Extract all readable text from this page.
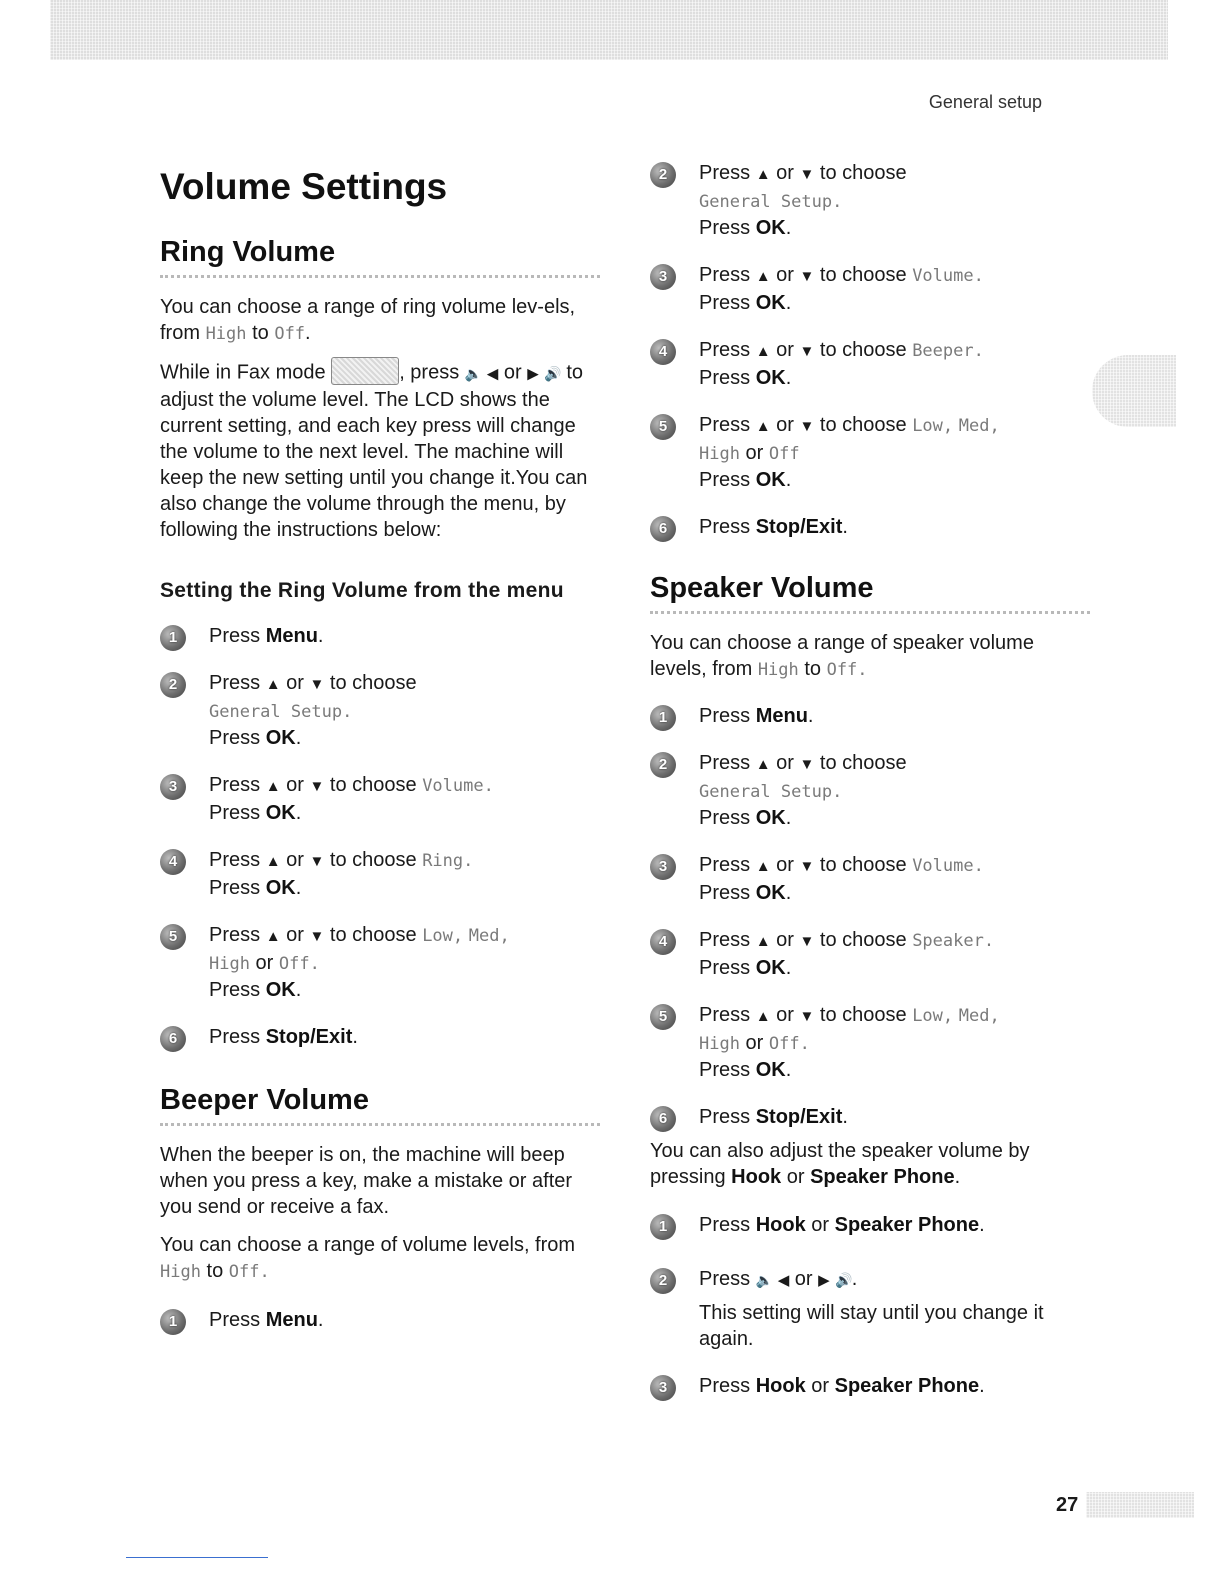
General setup
Volume Settings
Ring Volume

You can choose a range of ring volume lev-els, from High to Off.

While in Fax mode	, press 🔈 ◀ or ▶ 🔊 to adjust the volume level. The LCD shows the current setting, and each key press will change the volume to the next level. The machine will keep the new setting until you change it.You can also change the volume through the menu, by following the instructions below:

Setting the Ring Volume from the menu
1	Press Menu.
2	Press ▲ or ▼ to choose
General Setup.
Press OK.
3	Press ▲ or ▼ to choose Volume.
Press OK.
4	Press ▲ or ▼ to choose Ring.
Press OK.
5	Press ▲ or ▼ to choose Low, Med,
High or Off.
Press OK.
6	Press Stop/Exit.
Beeper Volume

When the beeper is on, the machine will beep when you press a key, make a mistake or after you send or receive a fax.

You can choose a range of volume levels, from High to Off.

1	Press Menu.
2	Press ▲ or ▼ to choose
General Setup.
Press OK.
3	Press ▲ or ▼ to choose Volume.
Press OK.
4	Press ▲ or ▼ to choose Beeper.
Press OK.
5	Press ▲ or ▼ to choose Low, Med,
High or Off
Press OK.
6	Press Stop/Exit.
Speaker Volume

You can choose a range of speaker volume levels, from High to Off.

1	Press Menu.
2	Press ▲ or ▼ to choose
General Setup.
Press OK.
3	Press ▲ or ▼ to choose Volume.
Press OK.
4	Press ▲ or ▼ to choose Speaker.
Press OK.
5	Press ▲ or ▼ to choose Low, Med,
High or Off.
Press OK.
6	Press Stop/Exit.

You can also adjust the speaker volume by pressing Hook or Speaker Phone.

1	Press Hook or Speaker Phone.
2	Press 🔈 ◀ or ▶ 🔊.
This setting will stay until you change it again.
3	Press Hook or Speaker Phone.
27
